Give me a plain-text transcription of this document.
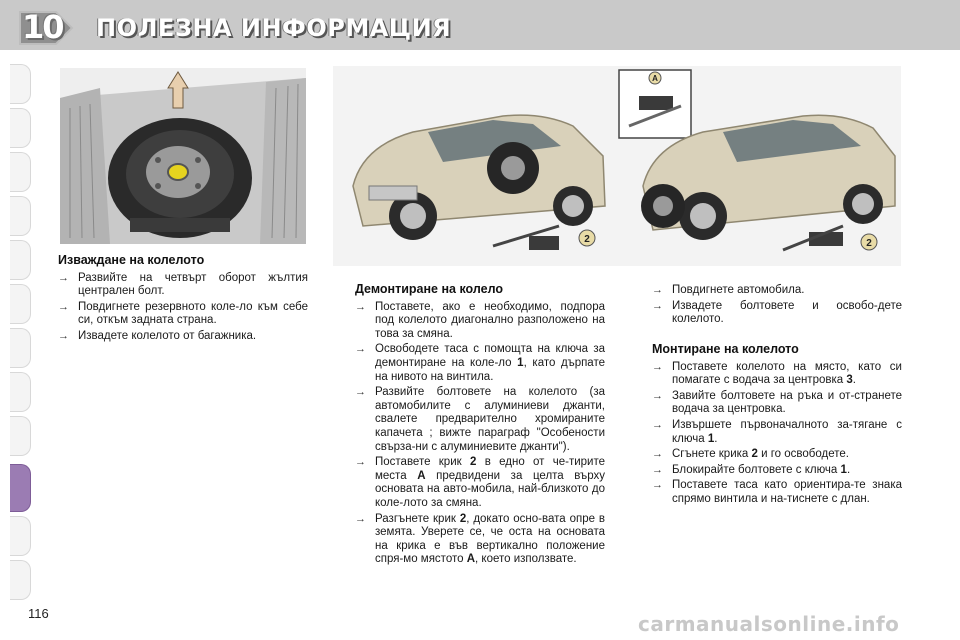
10 ПОЛЕЗНА ИНФОРМАЦИЯ
A
2	2
Изваждане на колелото
→ Развийте на четвърт оборот жълтия централен болт.
→ Повдигнете резервното коле-ло към себе си, откъм задната страна.
→ Извадете колелото от багажника.
Демонтиране на колело
→ Поставете, ако е необходимо, подпора под колелото диагонално разположено на това за смяна.
→ Освободете таса с помощта на ключа за демонтиране на коле-ло 1, като дърпате на нивото на винтила.
→ Развийте болтовете на колелото (за автомобилите с алуминиеви джанти, свалете предварително хромираните капачета ; вижте параграф "Особености свърза-ни с алуминиевите джанти").
→ Поставете крик 2 в едно от че-тирите места A предвидени за целта върху основата на авто-мобила, най-близкото до коле-лото за смяна.
→ Разгънете крик 2, докато осно-вата опре в земята. Уверете се, че оста на основата на крика е във вертикално положение спря-мо мястото A, което използвате.
→ Повдигнете автомобила.
→ Извадете болтовете и освобо-дете колелото.
Монтиране на колелото
→ Поставете колелото на място, като си помагате с водача за центровка 3.
→ Завийте болтовете на ръка и от-странете водача за центровка.
→ Извършете първоначалното за-тягане с ключа 1.
→ Сгънете крика 2 и го освободете.
→ Блокирайте болтовете с ключа 1.
→ Поставете таса като ориентира-те знака спрямо винтила и на-тиснете с длан.
116	carmanualsonline.info
